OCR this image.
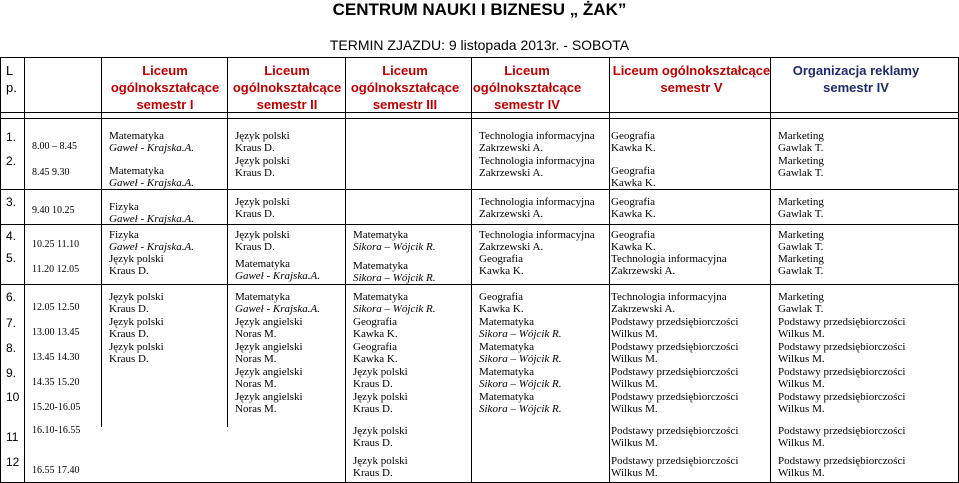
CENTRUM NAUKI I BIZNESU „ ŻAK”
TERMIN ZJAZDU: 9 listopada 2013r. - SOBOTA
L
p.
Liceum
ogólnokształcące
semestr I
Liceum
ogólnokształcące
semestr II
Liceum
ogólnokształcące
semestr III
Liceum
ogólnokształcące
semestr IV
Liceum ogólnokształcące
semestr V
Organizacja reklamy
semestr IV
1.
2.
3.
4.
5.
6.
7.
8.
9.
10
11
12
8.00 – 8.45
8.45 9.30
9.40 10.25
10.25 11.10
11.20 12.05
12.05 12.50
13.00 13.45
13.45 14.30
14.35 15.20
15.20-16.05
16.10-16.55
16.55 17.40
Matematyka
Gaweł - Krajska.A.
Matematyka
Gaweł - Krajska.A.
Fizyka
Gaweł - Krajska.A.
Fizyka
Gaweł - Krajska.A.
Język polski
Kraus D.
Język polski
Kraus D.
Język polski
Kraus D.
Język polski
Kraus D.
Język polski
Kraus D.
Język polski
Kraus D.
Język polski
Kraus D.
Język polski
Kraus D.
Matematyka
Gaweł - Krajska.A.
Matematyka
Gaweł - Krajska.A.
Język angielski
Noras M.
Język angielski
Noras M.
Język angielski
Noras M.
Język angielski
Noras M.
Matematyka
Sikora – Wójcik R.
Matematyka
Sikora – Wójcik R.
Matematyka
Sikora – Wójcik R.
Geografia
Kawka K.
Geografia
Kawka K.
Język polski
Kraus D.
Język polski
Kraus D.
Język polski
Kraus D.
Język polski
Kraus D.
Technologia informacyjna
Zakrzewski A.
Technologia informacyjna
Zakrzewski A.
Technologia informacyjna
Zakrzewski A.
Technologia informacyjna
Zakrzewski A.
Geografia
Kawka K.
Geografia
Kawka K.
Matematyka
Sikora – Wójcik R.
Matematyka
Sikora – Wójcik R.
Matematyka
Sikora – Wójcik R.
Matematyka
Sikora – Wójcik R.
Geografia
Kawka K.
Geografia
Kawka K.
Geografia
Kawka K.
Geografia
Kawka K.
Technologia informacyjna
Zakrzewski A.
Technologia informacyjna
Zakrzewski A.
Podstawy przedsiębiorczości
Wilkus M.
Podstawy przedsiębiorczości
Wilkus M.
Podstawy przedsiębiorczości
Wilkus M.
Podstawy przedsiębiorczości
Wilkus M.
Podstawy przedsiębiorczości
Wilkus M.
Podstawy przedsiębiorczości
Wilkus M.
Marketing
Gawlak T.
Marketing
Gawlak T.
Marketing
Gawlak T.
Marketing
Gawlak T.
Marketing
Gawlak T.
Marketing
Gawlak T.
Podstawy przedsiębiorczości
Wilkus M.
Podstawy przedsiębiorczości
Wilkus M.
Podstawy przedsiębiorczości
Wilkus M.
Podstawy przedsiębiorczości
Wilkus M.
Podstawy przedsiębiorczości
Wilkus M.
Podstawy przedsiębiorczości
Wilkus M.
